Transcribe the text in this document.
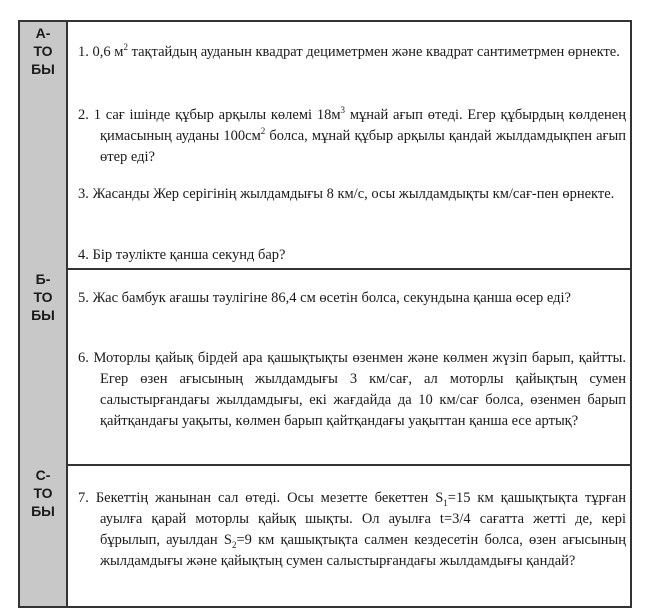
А-
ТО
БЫ

1. 0,6 $м^2$ тақтайдың ауданын квадрат дециметрмен және квадрат сантиметрмен өрнекте.

2. 1 сағ ішінде құбыр арқылы көлемі $18м^3$ мұнай ағып өтеді. Егер құбырдың көлденең қимасының ауданы $100см^2$ болса, мұнай құбыр арқылы қандай жылдамдықпен ағып өтер еді?

3. Жасанды Жер серігінің жылдамдығы 8 км/с, осы жылдамдықты км/сағ-пен өрнекте.

4. Бір тәулікте қанша секунд бар?

Б-
ТО
БЫ

5. Жас бамбук ағашы тәулігіне 86,4 см өсетін болса, секундына қанша өсер еді?

6. Моторлы қайық бірдей ара қашықтықты өзенмен және көлмен жүзіп барып, қайтты. Егер өзен ағысының жылдамдығы 3 км/сағ, ал моторлы қайықтың сумен салыстырғандағы жылдамдығы, екі жағдайда да 10 км/сағ болса, өзенмен барып қайтқандағы уақыты, көлмен барып қайтқандағы уақыттан қанша есе артық?

С-
ТО
БЫ

7. Бекеттің жанынан сал өтеді. Осы мезетте бекеттен $S_1=15$ км қашықтықта тұрған ауылға қарай моторлы қайық шықты. Ол ауылға t=3/4 сағатта жетті де, кері бұрылып, ауылдан $S_2=9$ км қашықтықта салмен кездесетін болса, өзен ағысының жылдамдығы және қайықтың сумен салыстырғандағы жылдамдығы қандай?
